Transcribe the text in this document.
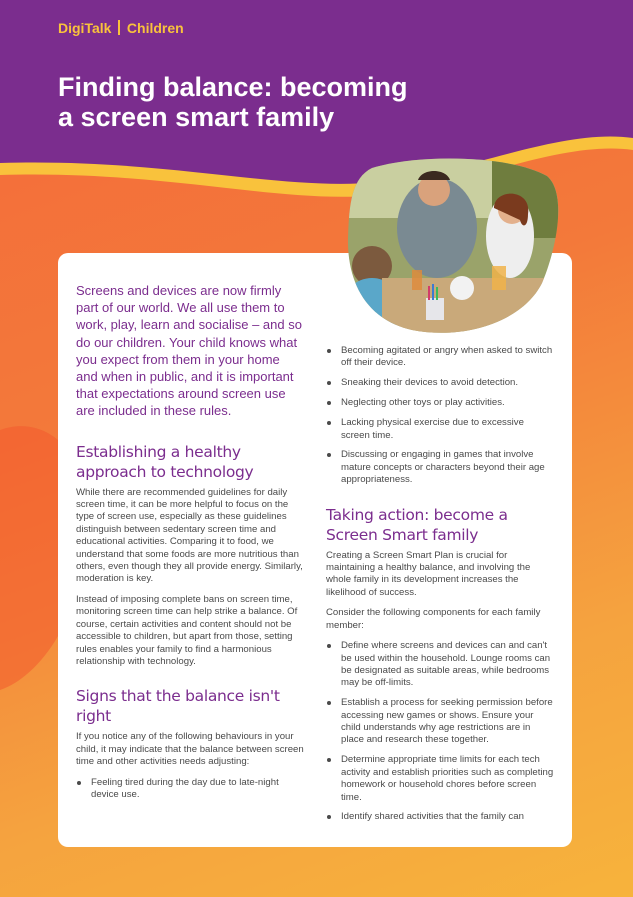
DigiTalk Children
Finding balance: becoming
a screen smart family
Screens and devices are now firmly part of our world. We all use them to work, play, learn and socialise – and so do our children. Your child knows what you expect from them in your home and when in public, and it is important that expectations around screen use are included in these rules.
Establishing a healthy approach to technology

While there are recommended guidelines for daily screen time, it can be more helpful to focus on the type of screen use, especially as these guidelines distinguish between sedentary screen time and educational activities. Comparing it to food, we understand that some foods are more nutritious than others, even though they all provide energy. Similarly, moderation is key.

Instead of imposing complete bans on screen time, monitoring screen time can help strike a balance. Of course, certain activities and content should not be accessible to children, but apart from those, setting rules enables your family to find a harmonious relationship with technology.

Signs that the balance isn't right

If you notice any of the following behaviours in your child, it may indicate that the balance between screen time and other activities needs adjusting:

Feeling tired during the day due to late-night device use.
Becoming agitated or angry when asked to switch off their device.
Sneaking their devices to avoid detection.
Neglecting other toys or play activities.
Lacking physical exercise due to excessive screen time.
Discussing or engaging in games that involve mature concepts or characters beyond their age appropriateness.
Taking action: become a Screen Smart family

Creating a Screen Smart Plan is crucial for maintaining a healthy balance, and involving the whole family in its development increases the likelihood of success.

Consider the following components for each family member:

Define where screens and devices can and can't be used within the household. Lounge rooms can be designated as suitable areas, while bedrooms may be off-limits.
Establish a process for seeking permission before accessing new games or shows. Ensure your child understands why age restrictions are in place and research these together.
Determine appropriate time limits for each tech activity and establish priorities such as completing homework or household chores before screen time.
Identify shared activities that the family can
